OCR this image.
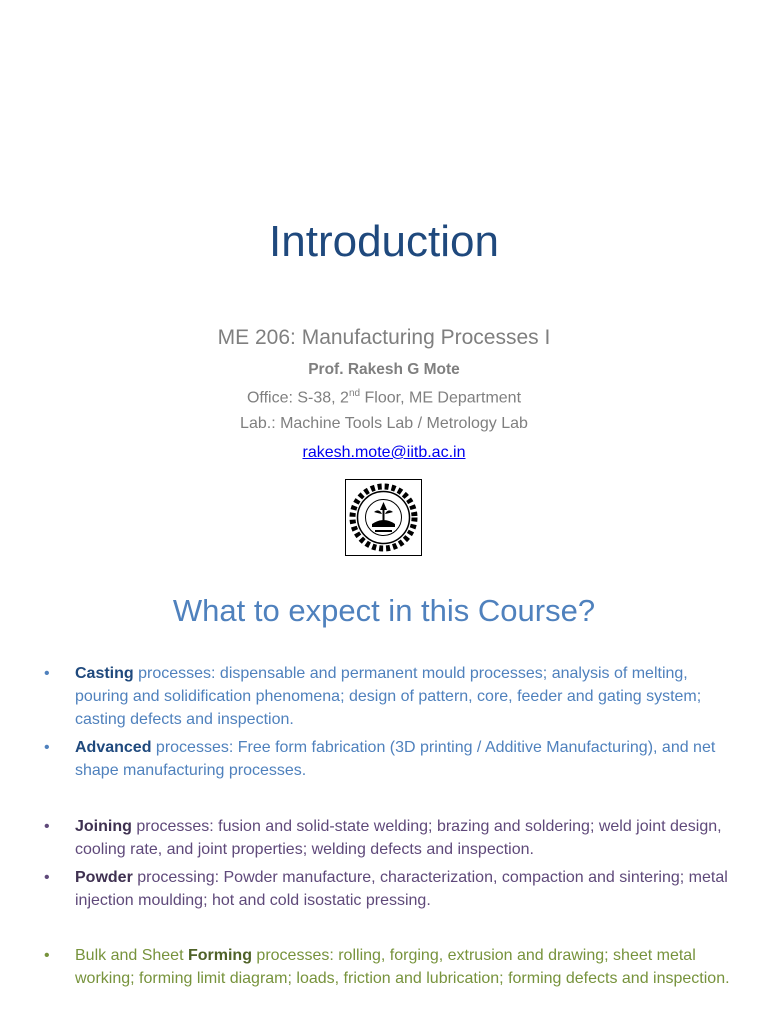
Introduction
ME 206: Manufacturing Processes I
Prof. Rakesh G Mote
Office: S-38, 2nd Floor, ME Department
Lab.: Machine Tools Lab / Metrology Lab
rakesh.mote@iitb.ac.in
What to expect in this Course?
•	Casting processes: dispensable and permanent mould processes; analysis of melting, pouring and solidification phenomena; design of pattern, core, feeder and gating system; casting defects and inspection.
•	Advanced processes: Free form fabrication (3D printing / Additive Manufacturing), and net shape manufacturing processes.
•	Joining processes: fusion and solid-state welding; brazing and soldering; weld joint design, cooling rate, and joint properties; welding defects and inspection.
•	Powder processing: Powder manufacture, characterization, compaction and sintering; metal injection moulding; hot and cold isostatic pressing.
•	Bulk and Sheet Forming processes: rolling, forging, extrusion and drawing; sheet metal working; forming limit diagram; loads, friction and lubrication; forming defects and inspection.
